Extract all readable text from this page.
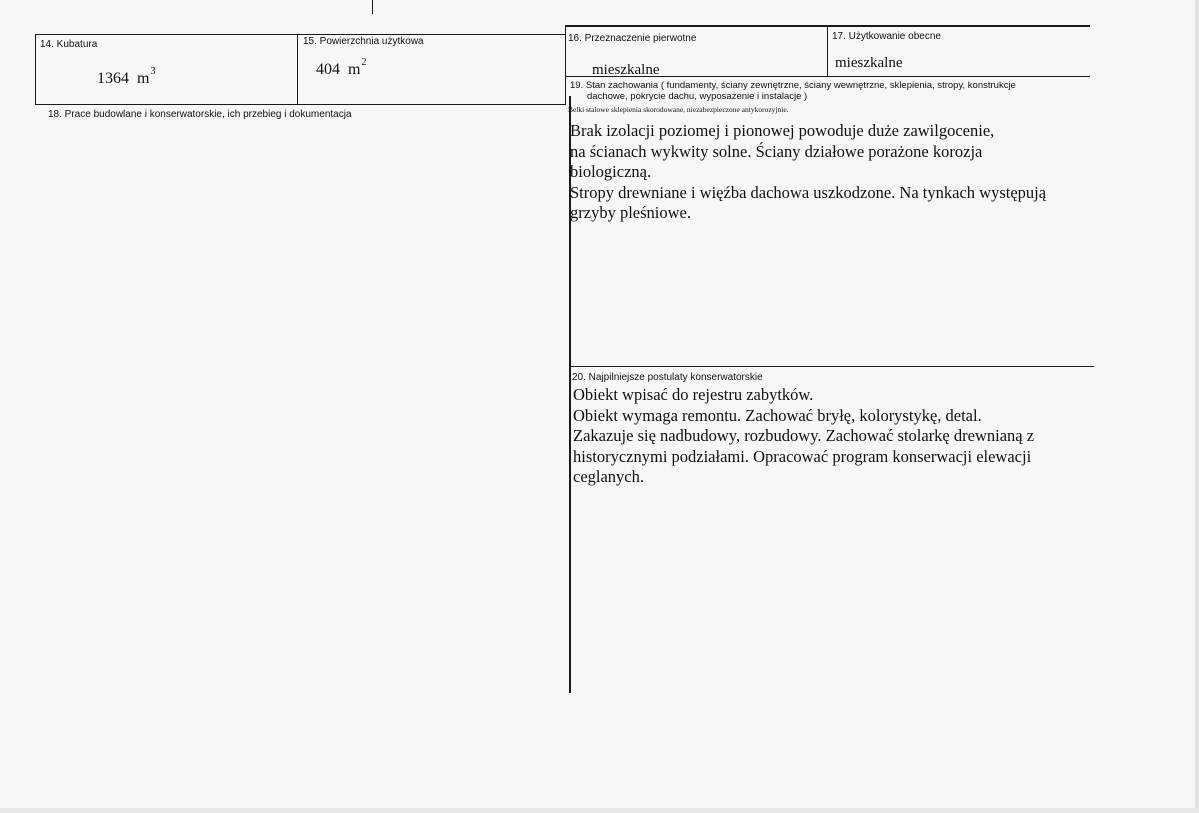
14. Kubatura
1364 $m^3$
15. Powierzchnia użytkowa
404 $m^2$
16. Przeznaczenie pierwotne
mieszkalne
17. Użytkowanie obecne
mieszkalne
18. Prace budowlane i konserwatorskie, ich przebieg i dokumentacja
19. Stan zachowania ( fundamenty, ściany zewnętrzne, ściany wewnętrzne, sklepienia, stropy, konstrukcje
dachowe, pokrycie dachu, wyposażenie i instalacje )
Belki stalowe sklepienia skorodowane, niezabezpieczone antykorozyjnie.
Brak izolacji poziomej i pionowej powoduje duże zawilgocenie,
na ścianach wykwity solne. Ściany działowe porażone korozja
biologiczną.
Stropy drewniane i więźba dachowa uszkodzone. Na tynkach występują
grzyby pleśniowe.
20. Najpilniejsze postulaty konserwatorskie
Obiekt wpisać do rejestru zabytków.
Obiekt wymaga remontu. Zachować bryłę, kolorystykę, detal.
Zakazuje się nadbudowy, rozbudowy. Zachować stolarkę drewnianą z
historycznymi podziałami. Opracować program konserwacji elewacji
ceglanych.
